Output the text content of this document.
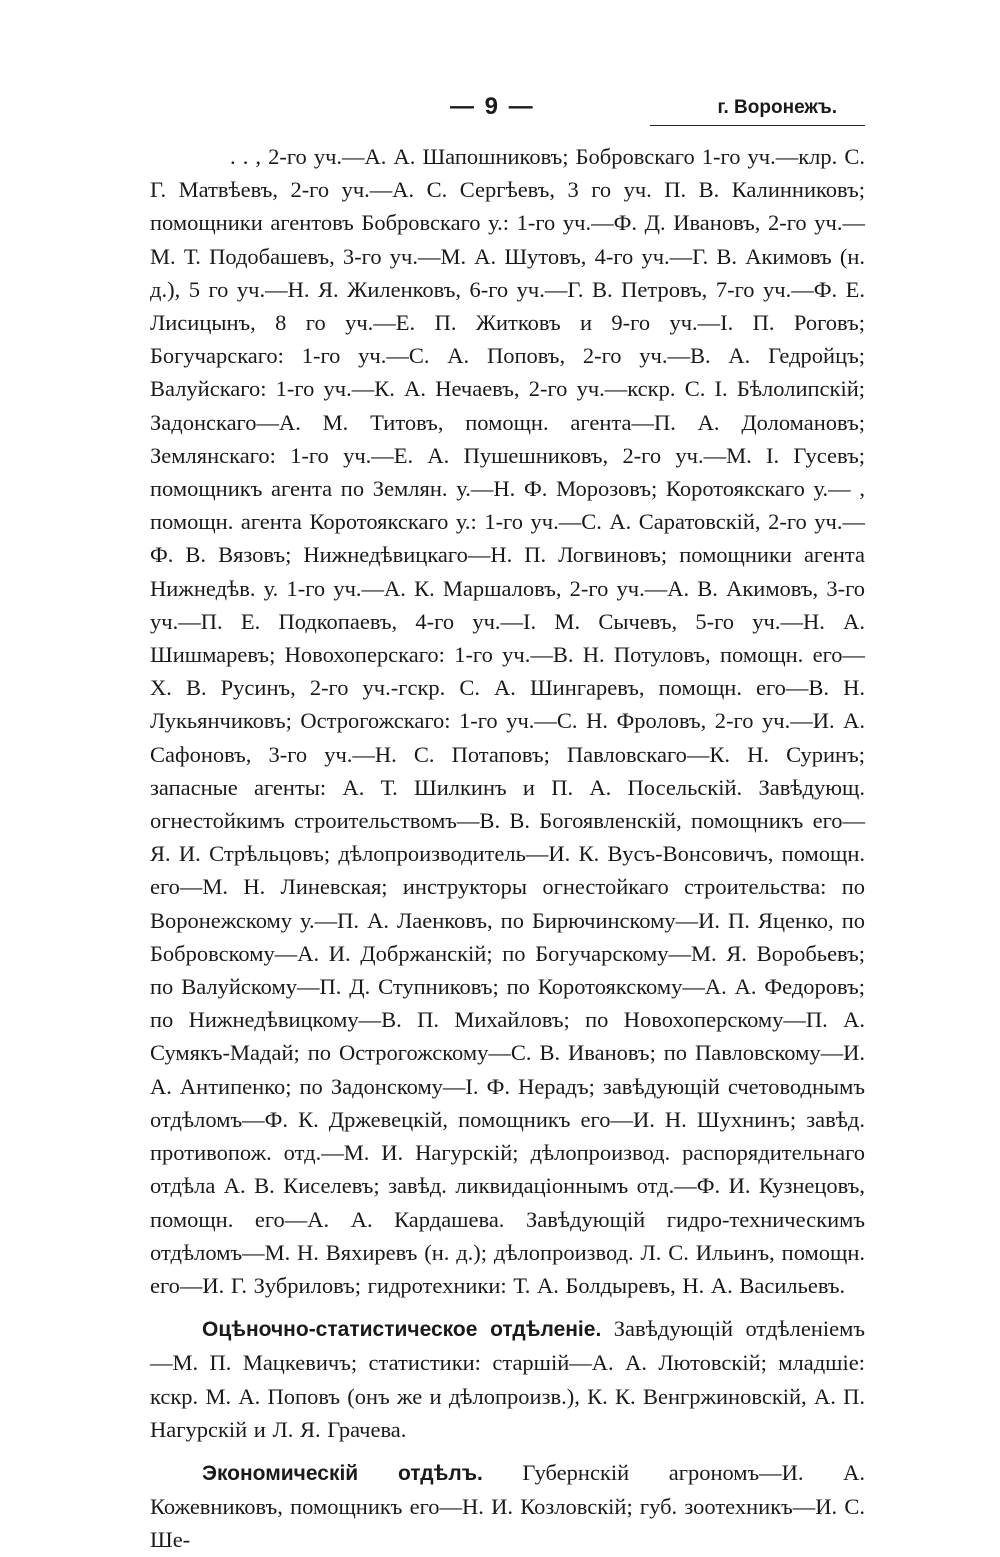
— 9 —	г. Воронежъ.

. . , 2-го уч.—А. А. Шапошниковъ; Бобровскаго 1-го уч.—клр. С. Г. Матвѣевъ, 2-го уч.—А. С. Сергѣевъ, 3 го уч. П. В. Калинниковъ; помощники агентовъ Бобровскаго у.: 1-го уч.—Ф. Д. Ивановъ, 2-го уч.—М. Т. Подобашевъ, 3-го уч.—М. А. Шутовъ, 4-го уч.—Г. В. Акимовъ (н. д.), 5 го уч.—Н. Я. Жиленковъ, 6-го уч.—Г. В. Петровъ, 7-го уч.—Ф. Е. Лисицынъ, 8 го уч.—Е. П. Житковъ и 9-го уч.—І. П. Роговъ; Богучарскаго: 1-го уч.—С. А. Поповъ, 2-го уч.—В. А. Гедройцъ; Валуйскаго: 1-го уч.—К. А. Нечаевъ, 2-го уч.—кскр. С. І. Бѣлолипскій; Задонскаго—А. М. Титовъ, помощн. агента—П. А. Доломановъ; Землянскаго: 1-го уч.—Е. А. Пушешниковъ, 2-го уч.—М. І. Гусевъ; помощникъ агента по Землян. у.—Н. Ф. Морозовъ; Коротоякскаго у.— , помощн. агента Коротоякскаго у.: 1-го уч.—С. А. Саратовскій, 2-го уч.—Ф. В. Вязовъ; Нижнедѣвицкаго—Н. П. Логвиновъ; помощники агента Нижнедѣв. у. 1-го уч.—А. К. Маршаловъ, 2-го уч.—А. В. Акимовъ, 3-го уч.—П. Е. Подкопаевъ, 4-го уч.—І. М. Сычевъ, 5-го уч.—Н. А. Шишмаревъ; Новохоперскаго: 1-го уч.—В. Н. Потуловъ, помощн. его—Х. В. Русинъ, 2-го уч.-гскр. С. А. Шингаревъ, помощн. его—В. Н. Лукьянчиковъ; Острогожскаго: 1-го уч.—С. Н. Фроловъ, 2-го уч.—И. А. Сафоновъ, 3-го уч.—Н. С. Потаповъ; Павловскаго—К. Н. Суринъ; запасные агенты: А. Т. Шилкинъ и П. А. Посельскій. Завѣдующ. огнестойкимъ строительствомъ—В. В. Богоявленскій, помощникъ его—Я. И. Стрѣльцовъ; дѣлопроизводитель—И. К. Вусъ-Вонсовичъ, помощн. его—М. Н. Линевская; инструкторы огнестойкаго строительства: по Воронежскому у.—П. А. Лаенковъ, по Бирючинскому—И. П. Яценко, по Бобровскому—А. И. Добржанскій; по Богучарскому—М. Я. Воробьевъ; по Валуйскому—П. Д. Ступниковъ; по Коротоякскому—А. А. Федоровъ; по Нижнедѣвицкому—В. П. Михайловъ; по Новохоперскому—П. А. Сумякъ-Мадай; по Острогожскому—С. В. Ивановъ; по Павловскому—И. А. Антипенко; по Задонскому—І. Ф. Нерадъ; завѣдующій счетоводнымъ отдѣломъ—Ф. К. Држевецкій, помощникъ его—И. Н. Шухнинъ; завѣд. противопож. отд.—М. И. Нагурскій; дѣлопроизвод. распорядительнаго отдѣла А. В. Киселевъ; завѣд. ликвидаціоннымъ отд.—Ф. И. Кузнецовъ, помощн. его—А. А. Кардашева. Завѣдующій гидро-техническимъ отдѣломъ—М. Н. Вяхиревъ (н. д.); дѣлопроизвод. Л. С. Ильинъ, помощн. его—И. Г. Зубриловъ; гидротехники: Т. А. Болдыревъ, Н. А. Васильевъ.

Оцѣночно-статистическое отдѣленіе. Завѣдующій отдѣленіемъ—М. П. Мацкевичъ; статистики: старшій—А. А. Лютовскій; младшіе: кскр. М. А. Поповъ (онъ же и дѣлопроизв.), К. К. Венгржиновскій, А. П. Нагурскій и Л. Я. Грачева.

Экономическій отдѣлъ. Губернскій агрономъ—И. А. Кожевниковъ, помощникъ его—Н. И. Козловскій; губ. зоотехникъ—И. С. Ше-
